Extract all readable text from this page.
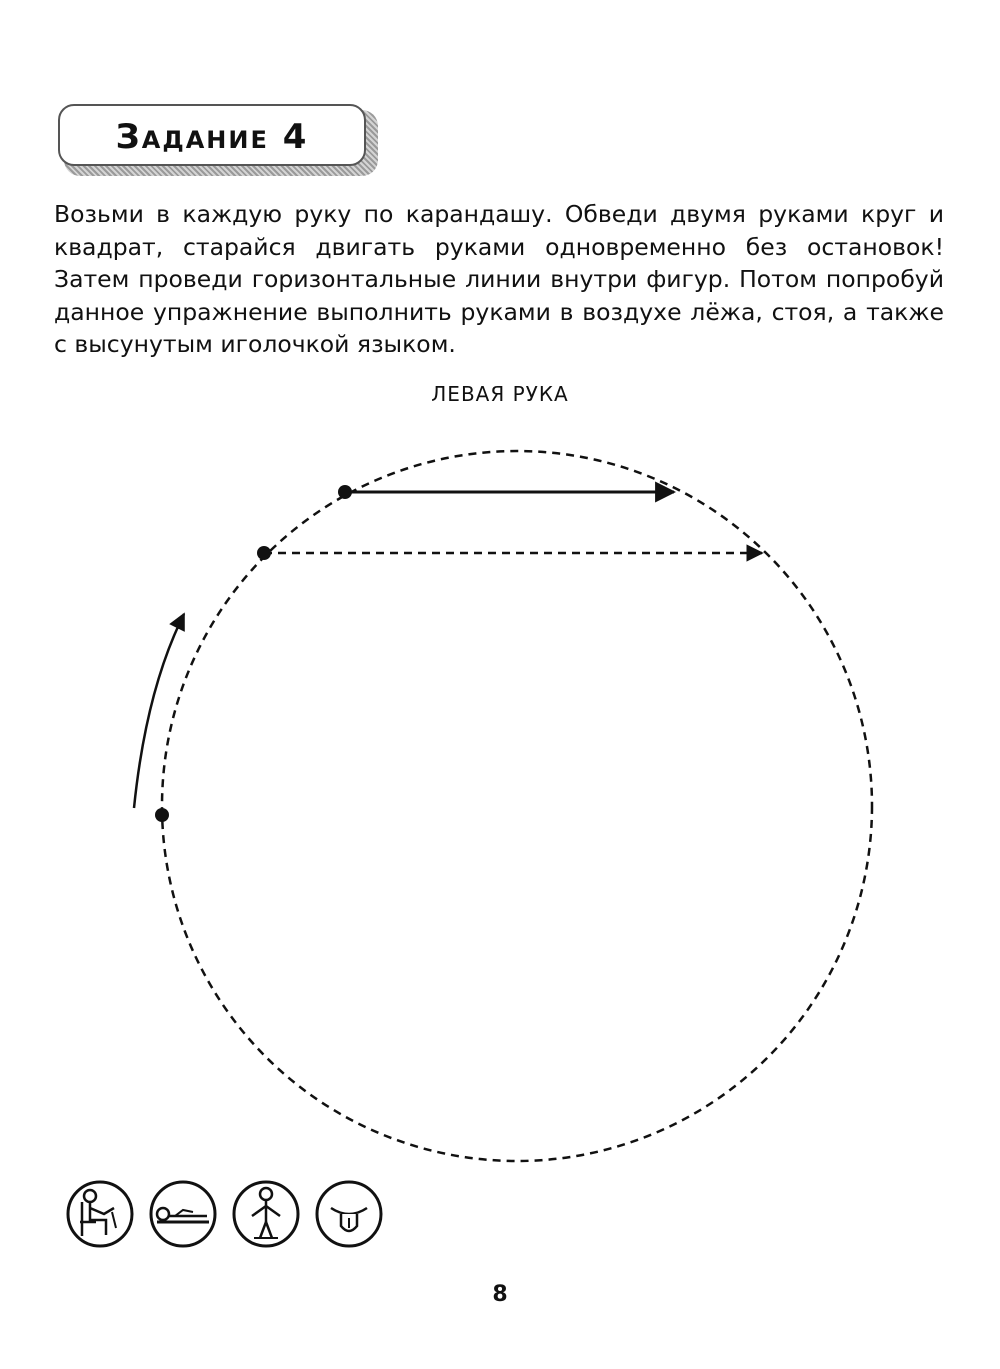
Задание 4

Возьми в каждую руку по карандашу. Обведи двумя руками круг и квадрат, старайся двигать руками одновременно без остановок! Затем проведи горизонтальные линии внутри фигур. Потом попробуй данное упражнение выполнить руками в воздухе лёжа, стоя, а также с высунутым иголочкой языком.

ЛЕВАЯ РУКА
8
